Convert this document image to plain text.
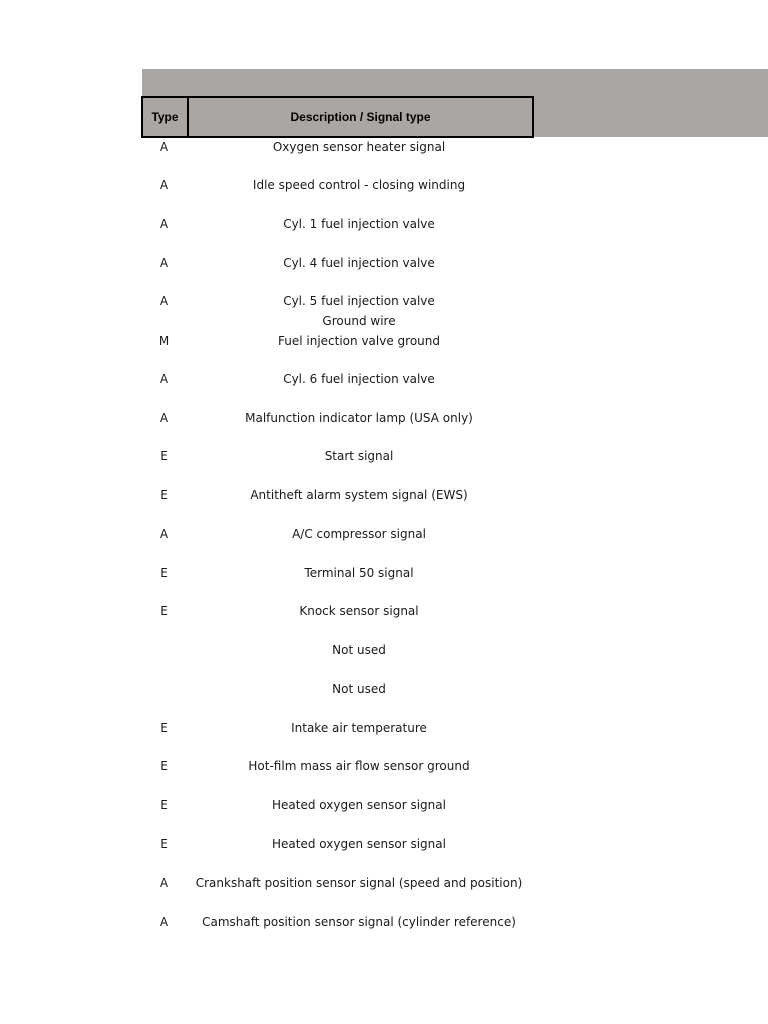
Type	Description / Signal type
A	Oxygen sensor heater signal
A	Idle speed control - closing winding
A	Cyl. 1 fuel injection valve
A	Cyl. 4 fuel injection valve
A	Cyl. 5 fuel injection valve
Ground wire
M	Fuel injection valve ground
A	Cyl. 6 fuel injection valve
A	Malfunction indicator lamp (USA only)
E	Start signal
E	Antitheft alarm system signal (EWS)
A	A/C compressor signal
E	Terminal 50 signal
E	Knock sensor signal
Not used
Not used
E	Intake air temperature
E	Hot-film mass air flow sensor ground
E	Heated oxygen sensor signal
E	Heated oxygen sensor signal
A	Crankshaft position sensor signal (speed and position)
A	Camshaft position sensor signal (cylinder reference)
